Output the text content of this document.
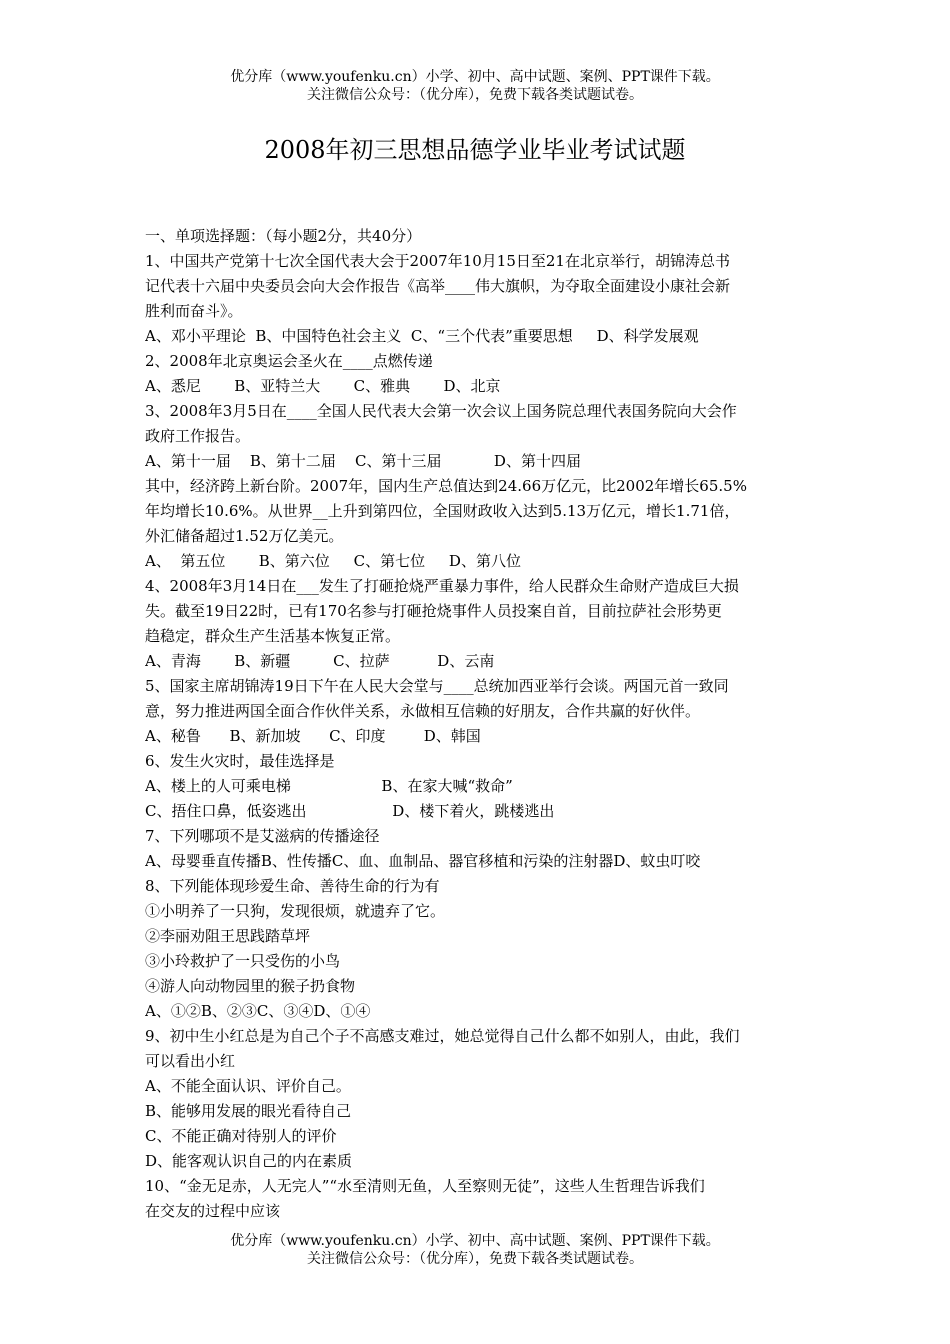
优分库（www.youfenku.cn）小学、初中、高中试题、案例、PPT课件下载。
关注微信公众号：（优分库），免费下载各类试题试卷。
2008年初三思想品德学业毕业考试试题
一、单项选择题：（每小题2分，共40分）
1、中国共产党第十七次全国代表大会于2007年10月15日至21在北京举行，胡锦涛总书
记代表十六届中央委员会向大会作报告《高举____伟大旗帜，为夺取全面建设小康社会新
胜利而奋斗》。
A、邓小平理论  B、中国特色社会主义  C、“三个代表”重要思想     D、科学发展观
2、2008年北京奥运会圣火在____点燃传递
A、悉尼       B、亚特兰大       C、雅典       D、北京
3、2008年3月5日在____全国人民代表大会第一次会议上国务院总理代表国务院向大会作
政府工作报告。
A、第十一届    B、第十二届    C、第十三届           D、第十四届
其中，经济跨上新台阶。2007年，国内生产总值达到24.66万亿元，比2002年增长65.5%
年均增长10.6%。从世界__上升到第四位，全国财政收入达到5.13万亿元，增长1.71倍，
外汇储备超过1.52万亿美元。
A、  第五位       B、第六位     C、第七位     D、第八位
4、2008年3月14日在___发生了打砸抢烧严重暴力事件，给人民群众生命财产造成巨大损
失。截至19日22时，已有170名参与打砸抢烧事件人员投案自首，目前拉萨社会形势更
趋稳定，群众生产生活基本恢复正常。
A、青海       B、新疆         C、拉萨          D、云南
5、国家主席胡锦涛19日下午在人民大会堂与____总统加西亚举行会谈。两国元首一致同
意，努力推进两国全面合作伙伴关系，永做相互信赖的好朋友，合作共赢的好伙伴。
A、秘鲁      B、新加坡      C、印度        D、韩国
6、发生火灾时，最佳选择是
A、楼上的人可乘电梯                   B、在家大喊“救命”
C、捂住口鼻，低姿逃出                  D、楼下着火，跳楼逃出
7、下列哪项不是艾滋病的传播途径
A、母婴垂直传播B、性传播C、血、血制品、器官移植和污染的注射器D、蚊虫叮咬
8、下列能体现珍爱生命、善待生命的行为有
①小明养了一只狗，发现很烦，就遗弃了它。
②李丽劝阻王思践踏草坪
③小玲救护了一只受伤的小鸟
④游人向动物园里的猴子扔食物
A、①②B、②③C、③④D、①④
9、初中生小红总是为自己个子不高感支难过，她总觉得自己什么都不如别人，由此，我们
可以看出小红
A、不能全面认识、评价自己。
B、能够用发展的眼光看待自己
C、不能正确对待别人的评价
D、能客观认识自己的内在素质
10、“金无足赤，人无完人”“水至清则无鱼，人至察则无徒”，这些人生哲理告诉我们
在交友的过程中应该
优分库（www.youfenku.cn）小学、初中、高中试题、案例、PPT课件下载。
关注微信公众号：（优分库），免费下载各类试题试卷。
